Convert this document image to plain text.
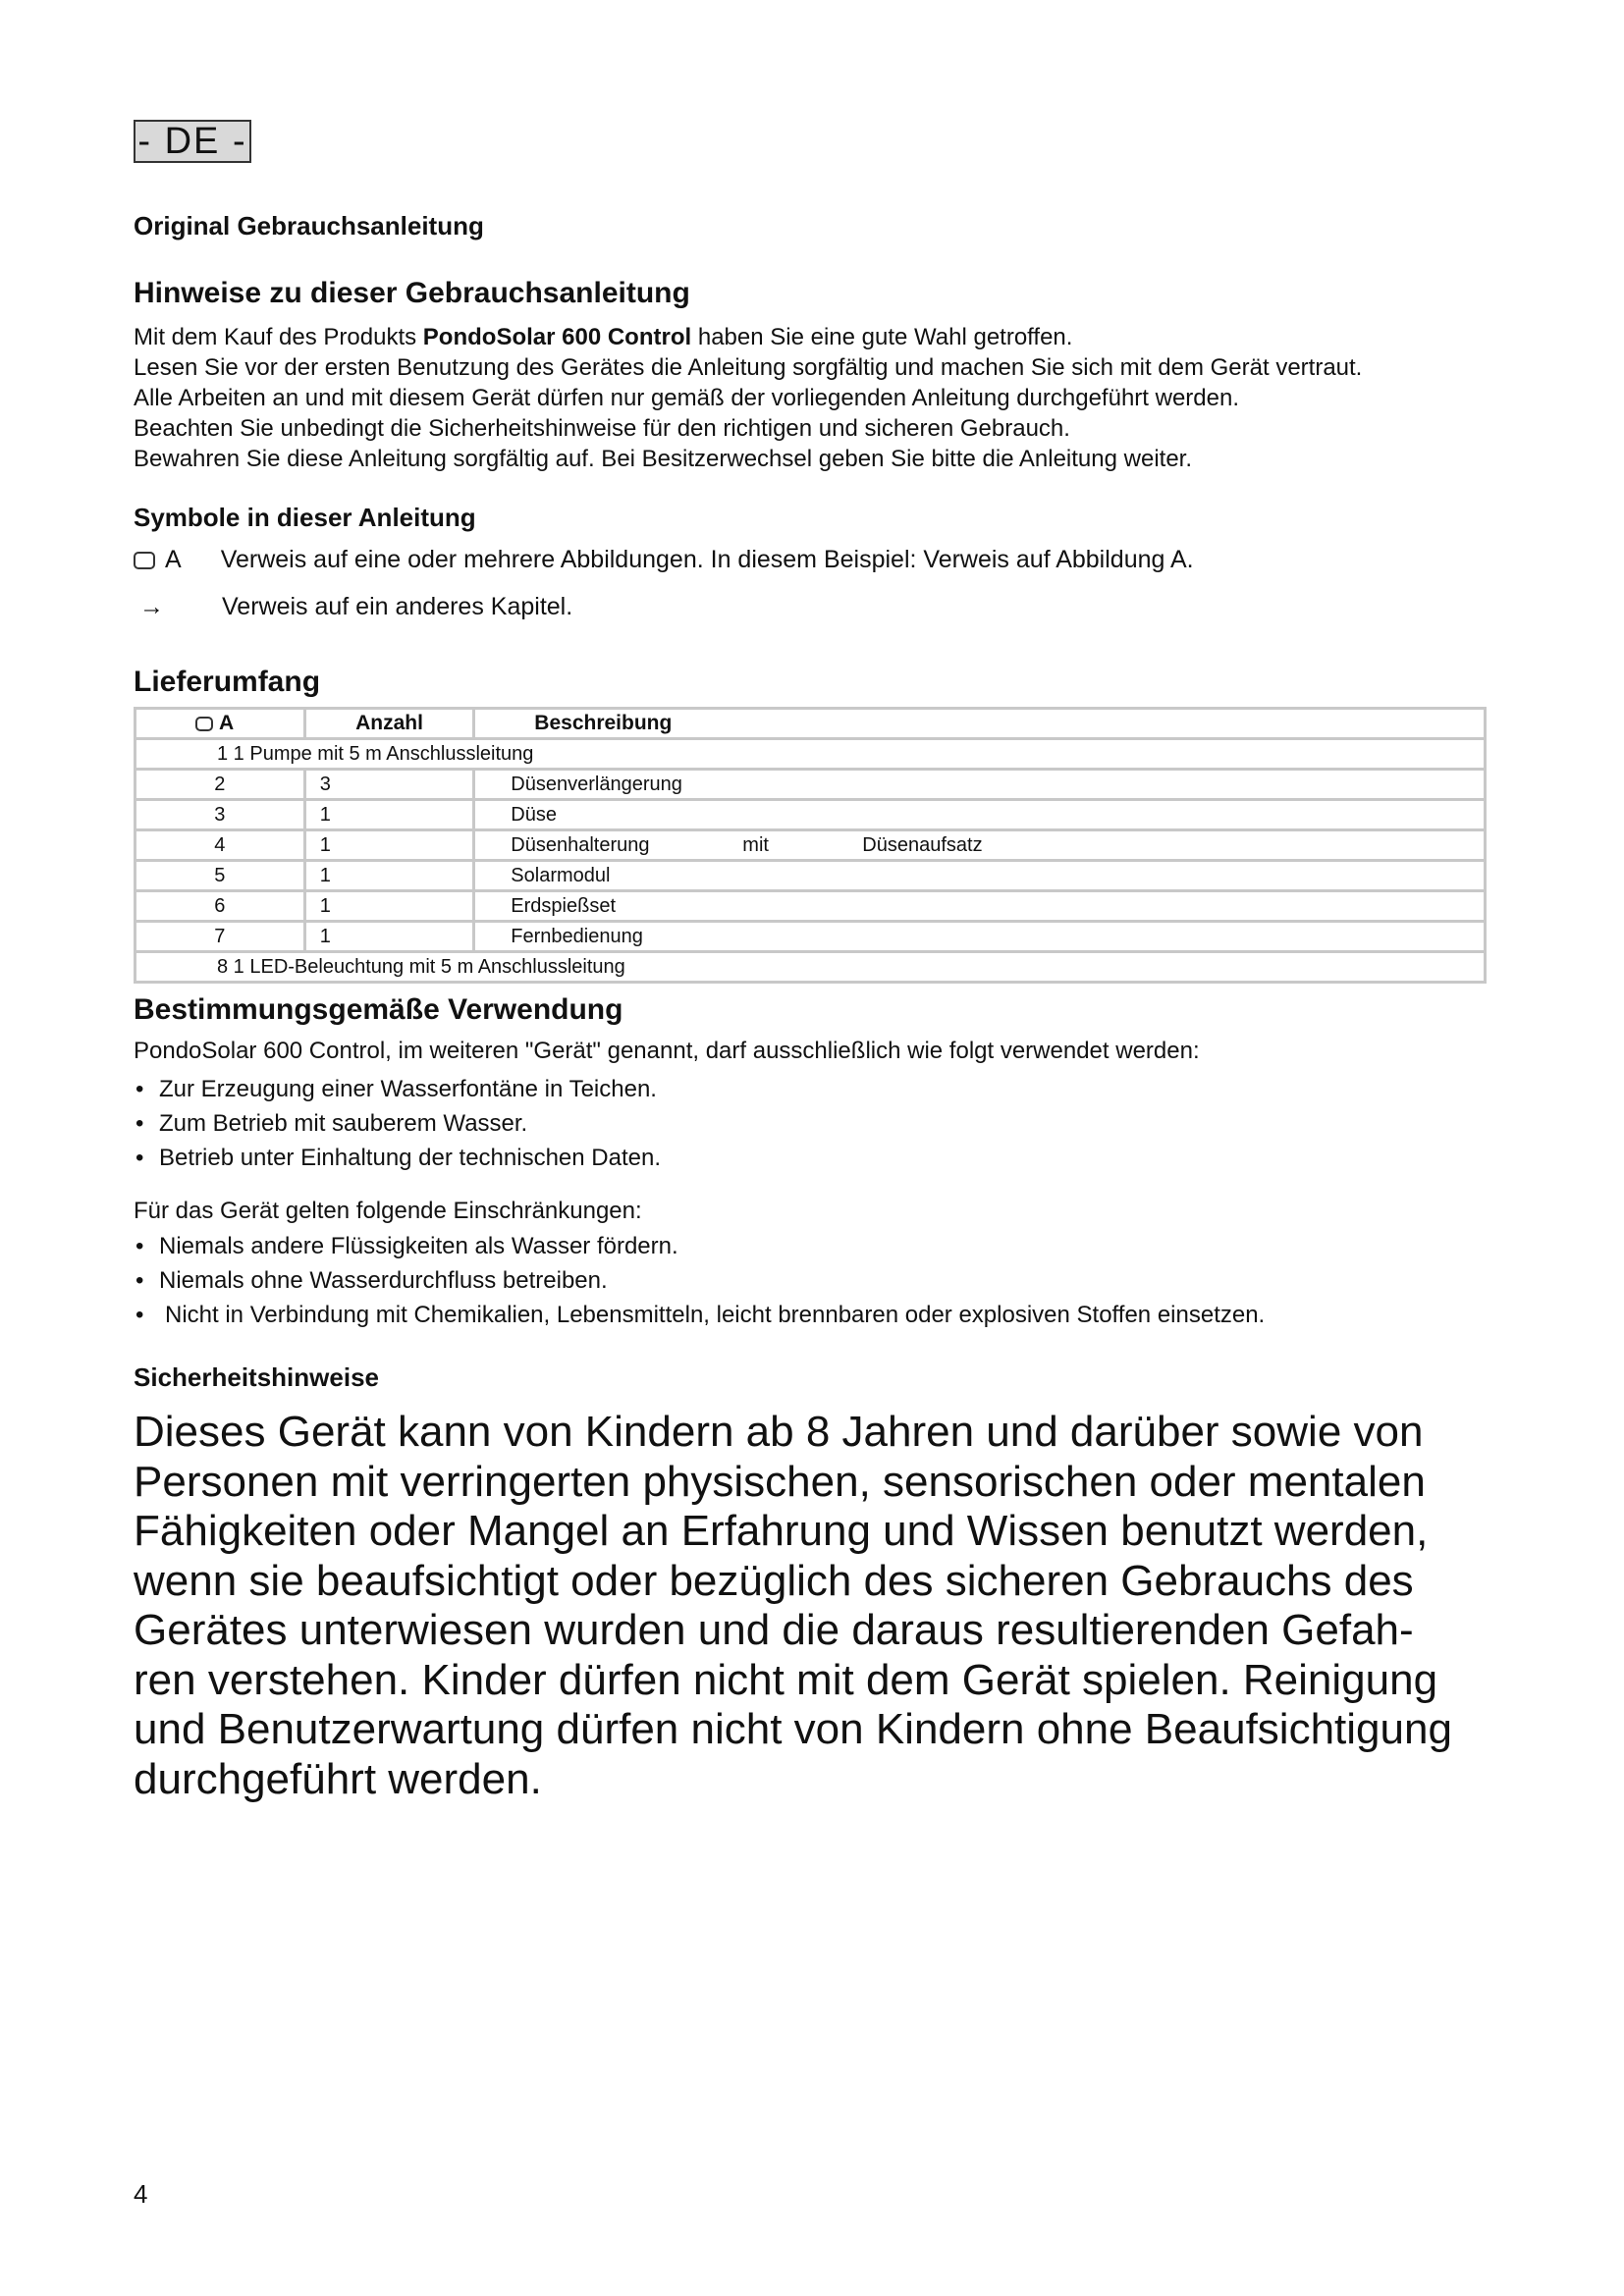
- DE -
Original Gebrauchsanleitung
Hinweise zu dieser Gebrauchsanleitung
Mit dem Kauf des Produkts PondoSolar 600 Control haben Sie eine gute Wahl getroffen.
Lesen Sie vor der ersten Benutzung des Gerätes die Anleitung sorgfältig und machen Sie sich mit dem Gerät vertraut.
Alle Arbeiten an und mit diesem Gerät dürfen nur gemäß der vorliegenden Anleitung durchgeführt werden.
Beachten Sie unbedingt die Sicherheitshinweise für den richtigen und sicheren Gebrauch.
Bewahren Sie diese Anleitung sorgfältig auf. Bei Besitzerwechsel geben Sie bitte die Anleitung weiter.
Symbole in dieser Anleitung
A Verweis auf eine oder mehrere Abbildungen. In diesem Beispiel: Verweis auf Abbildung A.
→ Verweis auf ein anderes Kapitel.
Lieferumfang
A	Anzahl	Beschreibung
1 1 Pumpe mit 5 m Anschlussleitung		
2	3	Düsenverlängerung
3	1	Düse
4	1	Düsenhalterung mit Düsenaufsatz
5	1	Solarmodul
6	1	Erdspießset
7	1	Fernbedienung
8 1 LED-Beleuchtung mit 5 m Anschlussleitung		
Bestimmungsgemäße Verwendung
PondoSolar 600 Control, im weiteren "Gerät" genannt, darf ausschließlich wie folgt verwendet werden:
• Zur Erzeugung einer Wasserfontäne in Teichen.
• Zum Betrieb mit sauberem Wasser.
• Betrieb unter Einhaltung der technischen Daten.
Für das Gerät gelten folgende Einschränkungen:
• Niemals andere Flüssigkeiten als Wasser fördern.
• Niemals ohne Wasserdurchfluss betreiben.
• Nicht in Verbindung mit Chemikalien, Lebensmitteln, leicht brennbaren oder explosiven Stoffen einsetzen.
Sicherheitshinweise
Dieses Gerät kann von Kindern ab 8 Jahren und darüber sowie von
Personen mit verringerten physischen, sensorischen oder mentalen
Fähigkeiten oder Mangel an Erfahrung und Wissen benutzt werden,
wenn sie beaufsichtigt oder bezüglich des sicheren Gebrauchs des
Gerätes unterwiesen wurden und die daraus resultierenden Gefah-
ren verstehen. Kinder dürfen nicht mit dem Gerät spielen. Reinigung
und Benutzerwartung dürfen nicht von Kindern ohne Beaufsichtigung
durchgeführt werden.
4
